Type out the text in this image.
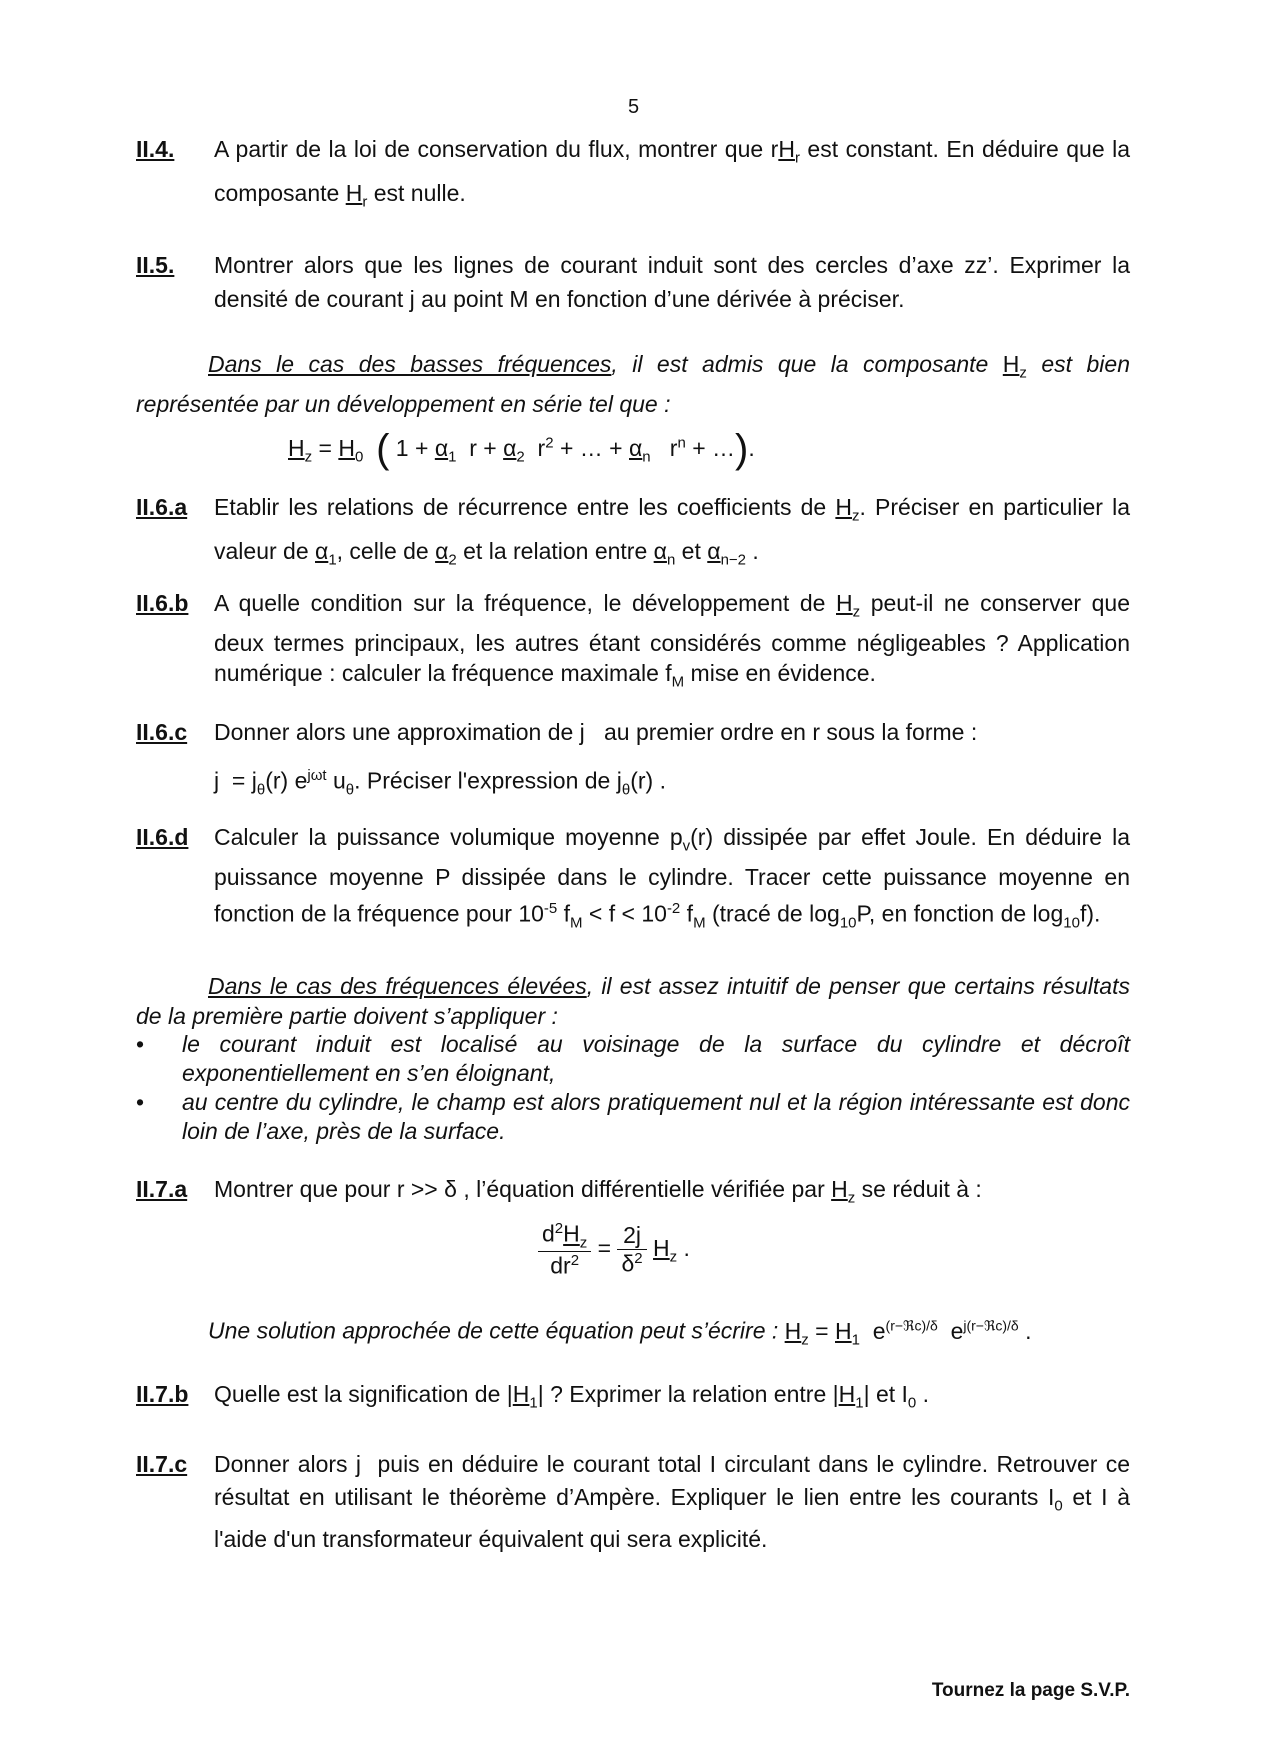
5
II.4. A partir de la loi de conservation du flux, montrer que $rH_r$ est constant. En déduire que la composante $H_r$ est nulle.
II.5. Montrer alors que les lignes de courant induit sont des cercles d’axe zz’. Exprimer la densité de courant j au point M en fonction d’une dérivée à préciser.
Dans le cas des basses fréquences, il est admis que la composante $H_z$ est bien représentée par un développement en série tel que :
$H_z = H_0$ ( $1 + \alpha_1$  $r + \alpha_2$  $r^2$ + … + $\alpha_n$   $r^n$ + …).
II.6.a Etablir les relations de récurrence entre les coefficients de $H_z$. Préciser en particulier la valeur de $\alpha_1$, celle de $\alpha_2$ et la relation entre $\alpha_n$ et $\alpha_{n-2}$ .
II.6.b A quelle condition sur la fréquence, le développement de $H_z$ peut-il ne conserver que deux termes principaux, les autres étant considérés comme négligeables ? Application numérique : calculer la fréquence maximale $f_M$ mise en évidence.
II.6.c Donner alors une approximation de j   au premier ordre en r sous la forme :
$j = j_\theta(r)$ $e^{j\omega t}$ $u_\theta$. Préciser l'expression de $j_\theta(r)$ .
II.6.d Calculer la puissance volumique moyenne $p_v(r)$ dissipée par effet Joule. En déduire la puissance moyenne P dissipée dans le cylindre. Tracer cette puissance moyenne en fonction de la fréquence pour $10^{-5}$ $f_M < f < 10^{-2}$ $f_M$ (tracé de $\log_{10}P$, en fonction de $\log_{10}f$).
Dans le cas des fréquences élevées, il est assez intuitif de penser que certains résultats de la première partie doivent s’appliquer :
• le courant induit est localisé au voisinage de la surface du cylindre et décroît exponentiellement en s’en éloignant,
• au centre du cylindre, le champ est alors pratiquement nul et la région intéressante est donc loin de l’axe, près de la surface.
II.7.a Montrer que pour r >> δ , l’équation différentielle vérifiée par $H_z$ se réduit à :
$\frac{d^2H_z}{dr^2} = \frac{2j}{\delta^2} H_z$ .
Une solution approchée de cette équation peut s’écrire : $H_z = H_1$  $e^{(r-ℜc)/\delta}$  $e^{j(r-ℜc)/\delta}$ .
II.7.b Quelle est la signification de $|H_1|$ ? Exprimer la relation entre $|H_1|$ et $I_0$ .
II.7.c Donner alors j  puis en déduire le courant total I circulant dans le cylindre. Retrouver ce résultat en utilisant le théorème d’Ampère. Expliquer le lien entre les courants $I_0$ et I à l'aide d'un transformateur équivalent qui sera explicité.
Tournez la page S.V.P.
